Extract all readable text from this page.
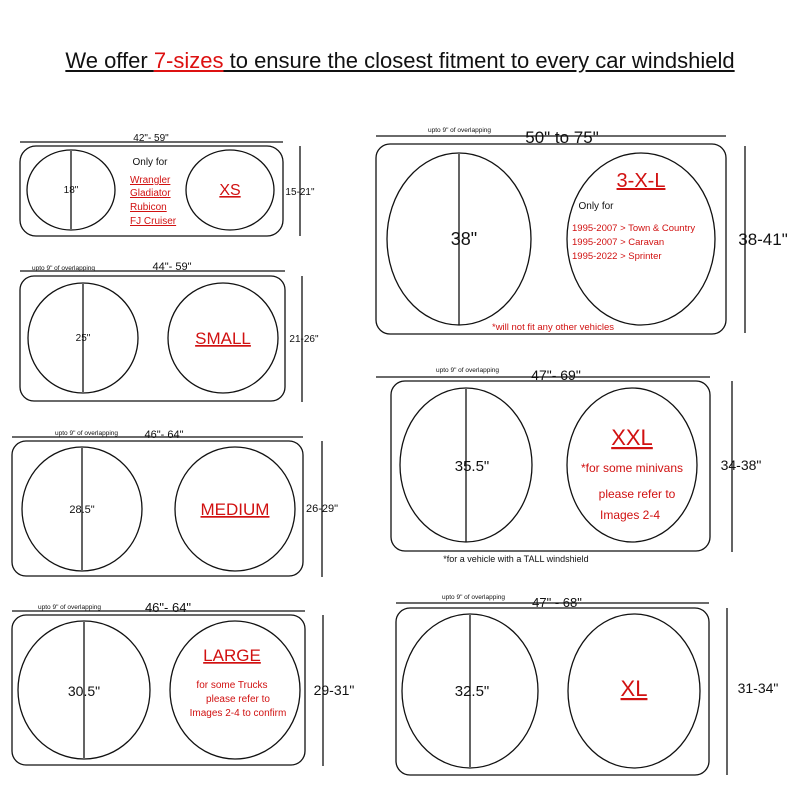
We offer 7-sizes to ensure the closest fitment to every car windshield
42"- 59"
15-21"
18"
Only for
Wrangler
Gladiator
Rubicon
FJ Cruiser
XS
upto 9" of overlapping	44"- 59"
21-26"
25"	SMALL
upto 9" of overlapping 46"- 64"
26-29"
28.5"	MEDIUM
upto 9" of overlapping	46"- 64"
29-31"
30.5"
LARGE
for some Trucks
please refer to
Images 2-4 to confirm
upto 9" of overlapping 50" to 75"
38-41"
38"
3-X-L
Only for
1995-2007 > Town & Country
1995-2007 > Caravan
1995-2022 > Sprinter
*will not fit any other vehicles
upto 9" of overlapping 47"- 69"
34-38"
35.5"
XXL
*for some minivans
please refer to
Images 2-4
*for a vehicle with a TALL windshield
upto 9" of overlapping 47" - 68"
31-34"
32.5"	XL
